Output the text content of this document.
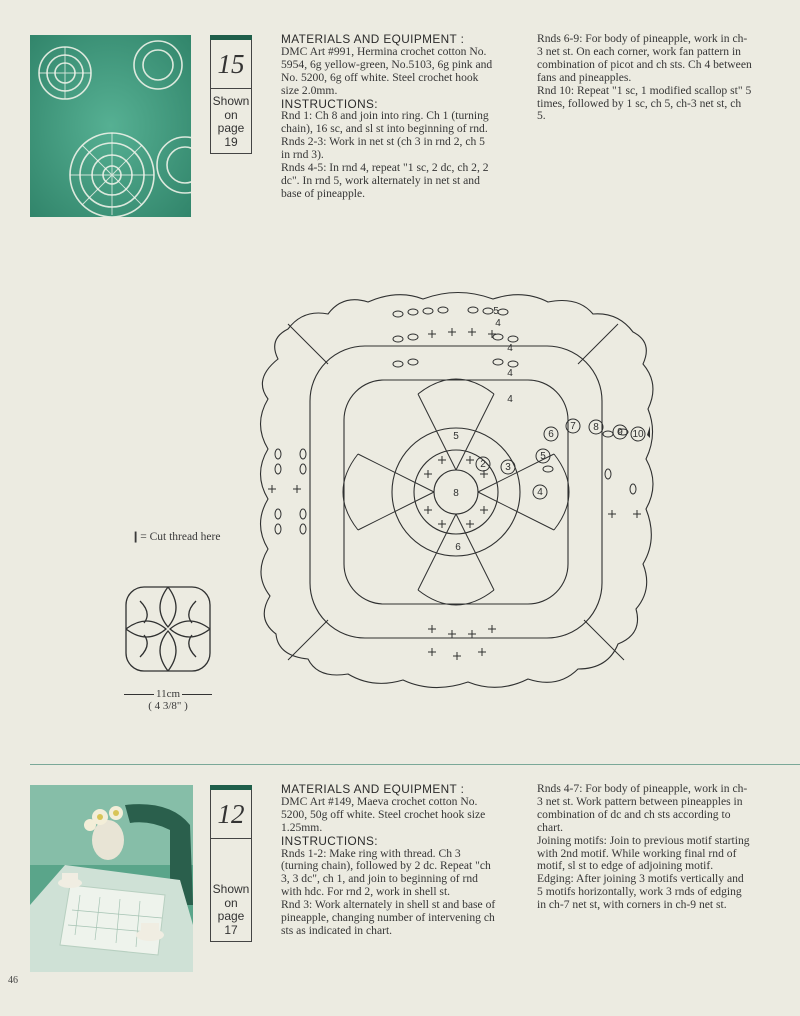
15
Shown
on
page
19

MATERIALS AND EQUIPMENT :

DMC Art #991, Hermina crochet cotton No. 5954, 6g yellow-green, No.5103, 6g pink and No. 5200, 6g off white. Steel crochet hook size 2.0mm.

INSTRUCTIONS:

Rnd 1: Ch 8 and join into ring. Ch 1 (turning chain), 16 sc, and sl st into beginning of rnd.

Rnds 2-3: Work in net st (ch 3 in rnd 2, ch 5 in rnd 3).

Rnds 4-5: In rnd 4, repeat "1 sc, 2 dc, ch 2, 2 dc". In rnd 5, work alternately in net st and base of pineapple.

Rnds 6-9: For body of pineapple, work in ch-3 net st. On each corner, work fan pattern in combination of picot and ch sts. Ch 4 between fans and pineapples.

Rnd 10: Repeat "1 sc, 1 modified scallop st" 5 times, followed by 1 sc, ch 5, ch-3 net st, ch 5.

❙= Cut thread here
8
2 3
4
5
6
7 8 9 10
4
5
5
4
4
4
6
11cm
( 4 3/8" )
12
Shown
on
page
17

MATERIALS AND EQUIPMENT :

DMC Art #149, Maeva crochet cotton No. 5200, 50g off white. Steel crochet hook size 1.25mm.

INSTRUCTIONS:

Rnds 1-2: Make ring with thread. Ch 3 (turning chain), followed by 2 dc. Repeat "ch 3, 3 dc", ch 1, and join to beginning of rnd with hdc. For rnd 2, work in shell st.

Rnd 3: Work alternately in shell st and base of pineapple, changing number of intervening ch sts as indicated in chart.

Rnds 4-7: For body of pineapple, work in ch-3 net st. Work pattern between pineapples in combination of dc and ch sts according to chart.

Joining motifs: Join to previous motif starting with 2nd motif. While working final rnd of motif, sl st to edge of adjoining motif.

Edging: After joining 3 motifs vertically and 5 motifs horizontally, work 3 rnds of edging in ch-7 net st, with corners in ch-9 net st.

46
